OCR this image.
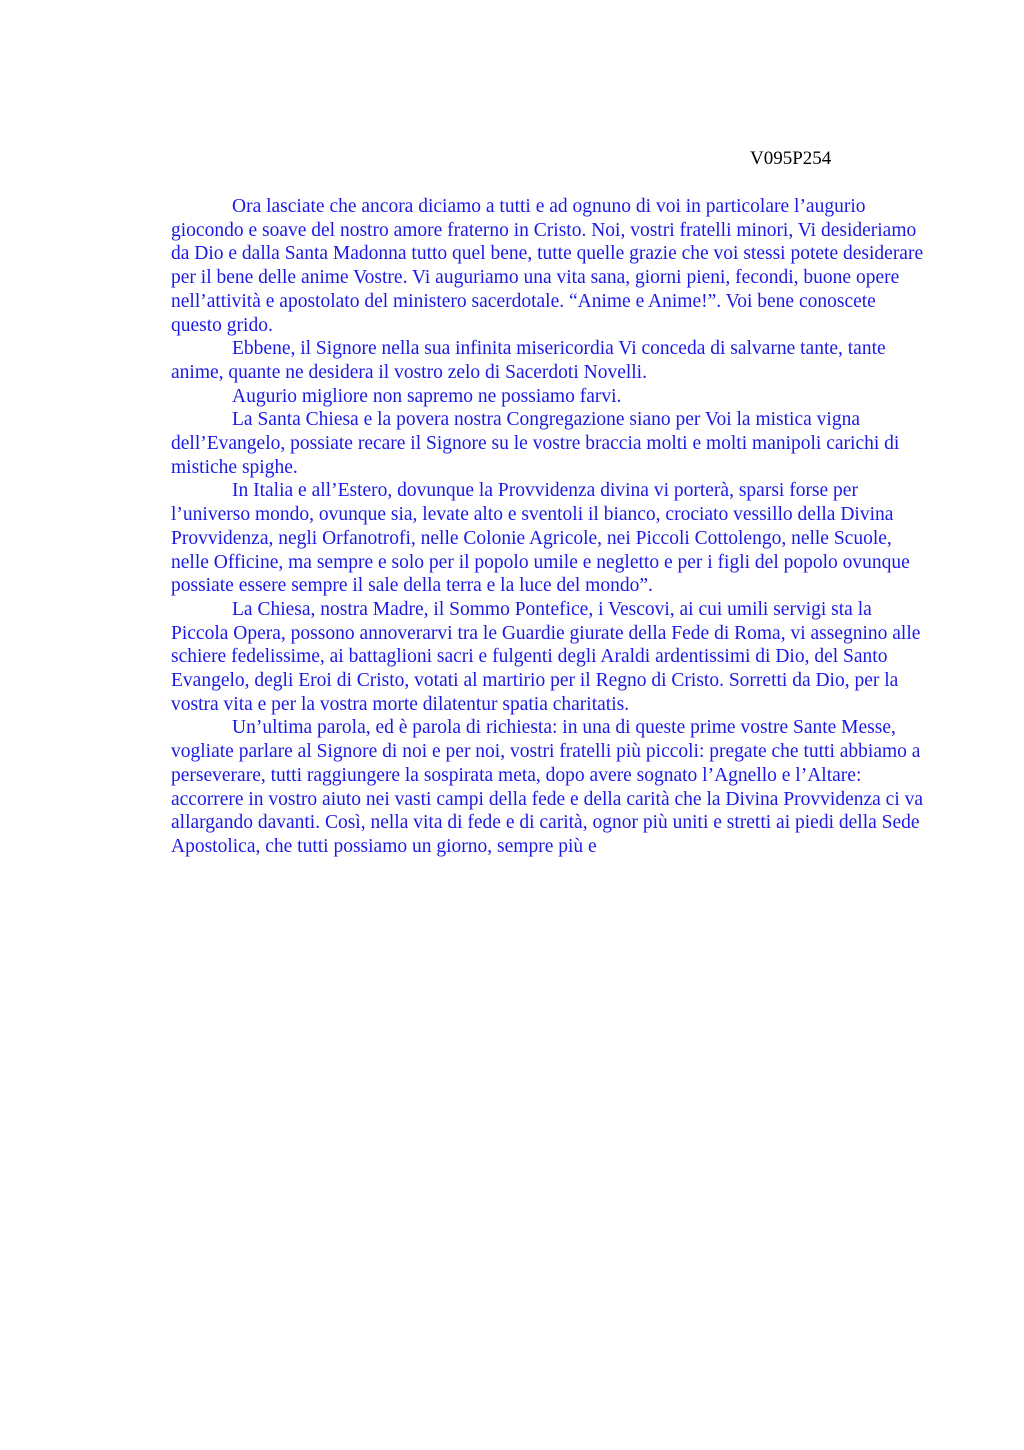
V095P254

Ora lasciate che ancora diciamo a tutti e ad ognuno di voi in particolare l’augurio giocondo e soave del nostro amore fraterno in Cristo. Noi, vostri fratelli minori, Vi desideriamo da Dio e dalla Santa Madonna tutto quel bene, tutte quelle grazie che voi stessi potete desiderare per il bene delle anime Vostre. Vi auguriamo una vita sana, giorni pieni, fecondi, buone opere nell’attività e apostolato del ministero sacerdotale. “Anime e Anime!”. Voi bene conoscete questo grido.

Ebbene, il Signore nella sua infinita misericordia Vi conceda di salvarne tante, tante anime, quante ne desidera il vostro zelo di Sacerdoti Novelli.

Augurio migliore non sapremo ne possiamo farvi.

La Santa Chiesa e la povera nostra Congregazione siano per Voi la mistica vigna dell’Evangelo, possiate recare il Signore su le vostre braccia molti e molti manipoli carichi di mistiche spighe.

In Italia e all’Estero, dovunque la Provvidenza divina vi porterà, sparsi forse per l’universo mondo, ovunque sia, levate alto e sventoli il bianco, crociato vessillo della Divina Provvidenza, negli Orfanotrofi, nelle Colonie Agricole, nei Piccoli Cottolengo, nelle Scuole, nelle Officine, ma sempre e solo per il popolo umile e negletto e per i figli del popolo ovunque possiate essere sempre il sale della terra e la luce del mondo”.

La Chiesa, nostra Madre, il Sommo Pontefice, i Vescovi, ai cui umili servigi sta la Piccola Opera, possono annoverarvi tra le Guardie giurate della Fede di Roma, vi assegnino alle schiere fedelissime, ai battaglioni sacri e fulgenti degli Araldi ardentissimi di Dio, del Santo Evangelo, degli Eroi di Cristo, votati al martirio per il Regno di Cristo. Sorretti da Dio, per la vostra vita e per la vostra morte dilatentur spatia charitatis.

Un’ultima parola, ed è parola di richiesta: in una di queste prime vostre Sante Messe, vogliate parlare al Signore di noi e per noi, vostri fratelli più piccoli: pregate che tutti abbiamo a perseverare, tutti raggiungere la sospirata meta, dopo avere sognato l’Agnello e l’Altare: accorrere in vostro aiuto nei vasti campi della fede e della carità che la Divina Provvidenza ci va allargando davanti. Così, nella vita di fede e di carità, ognor più uniti e stretti ai piedi della Sede Apostolica, che tutti possiamo un giorno, sempre più e
